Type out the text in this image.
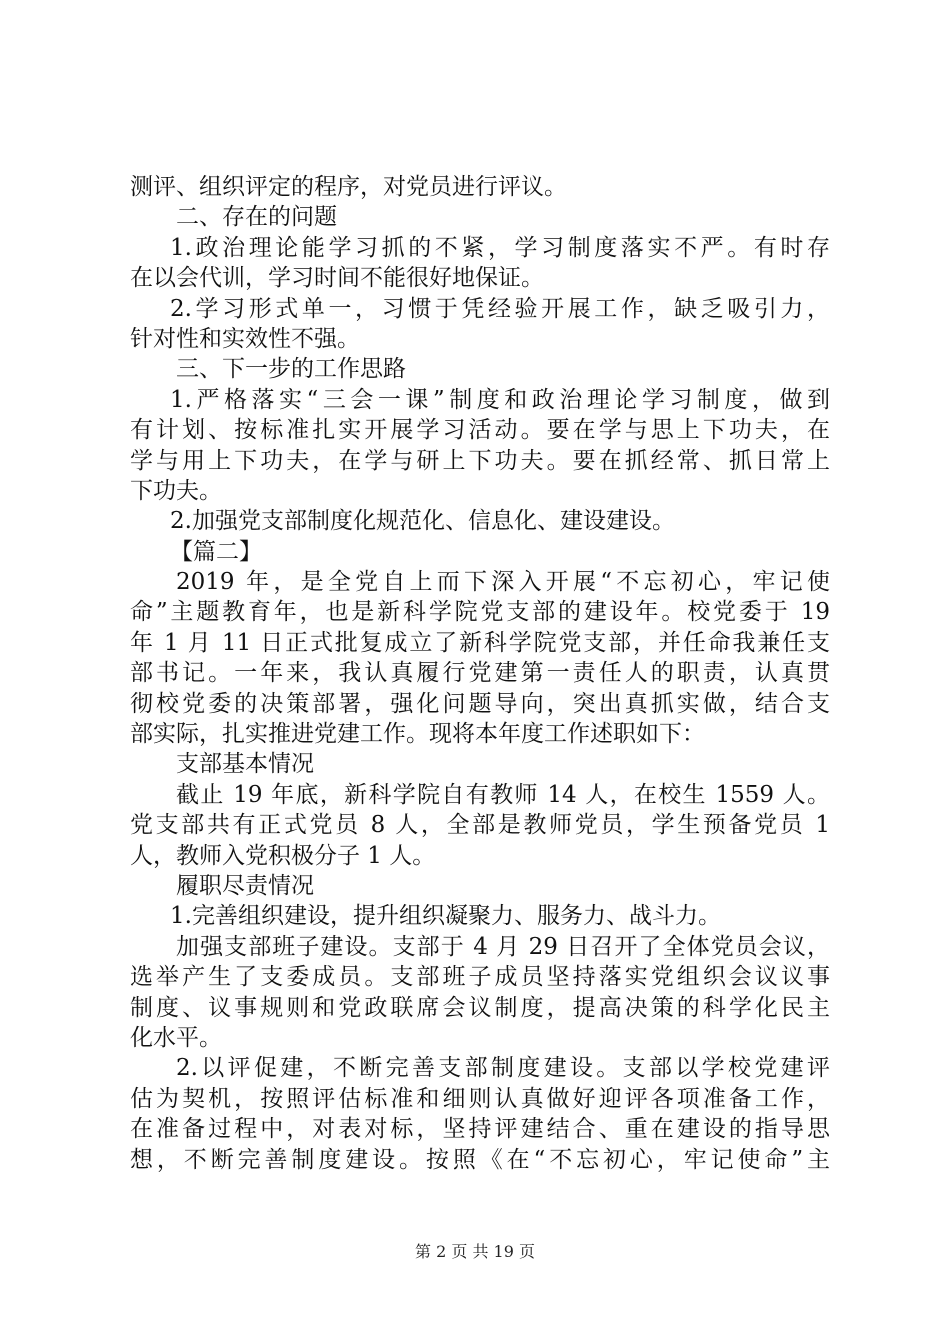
测评、组织评定的程序，对党员进行评议。
二、存在的问题
1.政治理论能学习抓的不紧，学习制度落实不严。有时存
在以会代训，学习时间不能很好地保证。
2.学习形式单一，习惯于凭经验开展工作，缺乏吸引力，
针对性和实效性不强。
三、下一步的工作思路
1.严格落实“三会一课”制度和政治理论学习制度，做到
有计划、按标准扎实开展学习活动。要在学与思上下功夫，在
学与用上下功夫，在学与研上下功夫。要在抓经常、抓日常上
下功夫。
2.加强党支部制度化规范化、信息化、建设建设。
【篇二】
2019 年，是全党自上而下深入开展“不忘初心，牢记使
命”主题教育年，也是新科学院党支部的建设年。校党委于 19
年 1 月 11 日正式批复成立了新科学院党支部，并任命我兼任支
部书记。一年来，我认真履行党建第一责任人的职责，认真贯
彻校党委的决策部署，强化问题导向，突出真抓实做，结合支
部实际，扎实推进党建工作。现将本年度工作述职如下：
支部基本情况
截止 19 年底，新科学院自有教师 14 人，在校生 1559 人。
党支部共有正式党员 8 人，全部是教师党员，学生预备党员 1
人，教师入党积极分子 1 人。
履职尽责情况
1.完善组织建设，提升组织凝聚力、服务力、战斗力。
加强支部班子建设。支部于 4 月 29 日召开了全体党员会议，
选举产生了支委成员。支部班子成员坚持落实党组织会议议事
制度、议事规则和党政联席会议制度，提高决策的科学化民主
化水平。
2.以评促建，不断完善支部制度建设。支部以学校党建评
估为契机，按照评估标准和细则认真做好迎评各项准备工作，
在准备过程中，对表对标，坚持评建结合、重在建设的指导思
想，不断完善制度建设。按照《在“不忘初心，牢记使命”主
第 2 页 共 19 页
